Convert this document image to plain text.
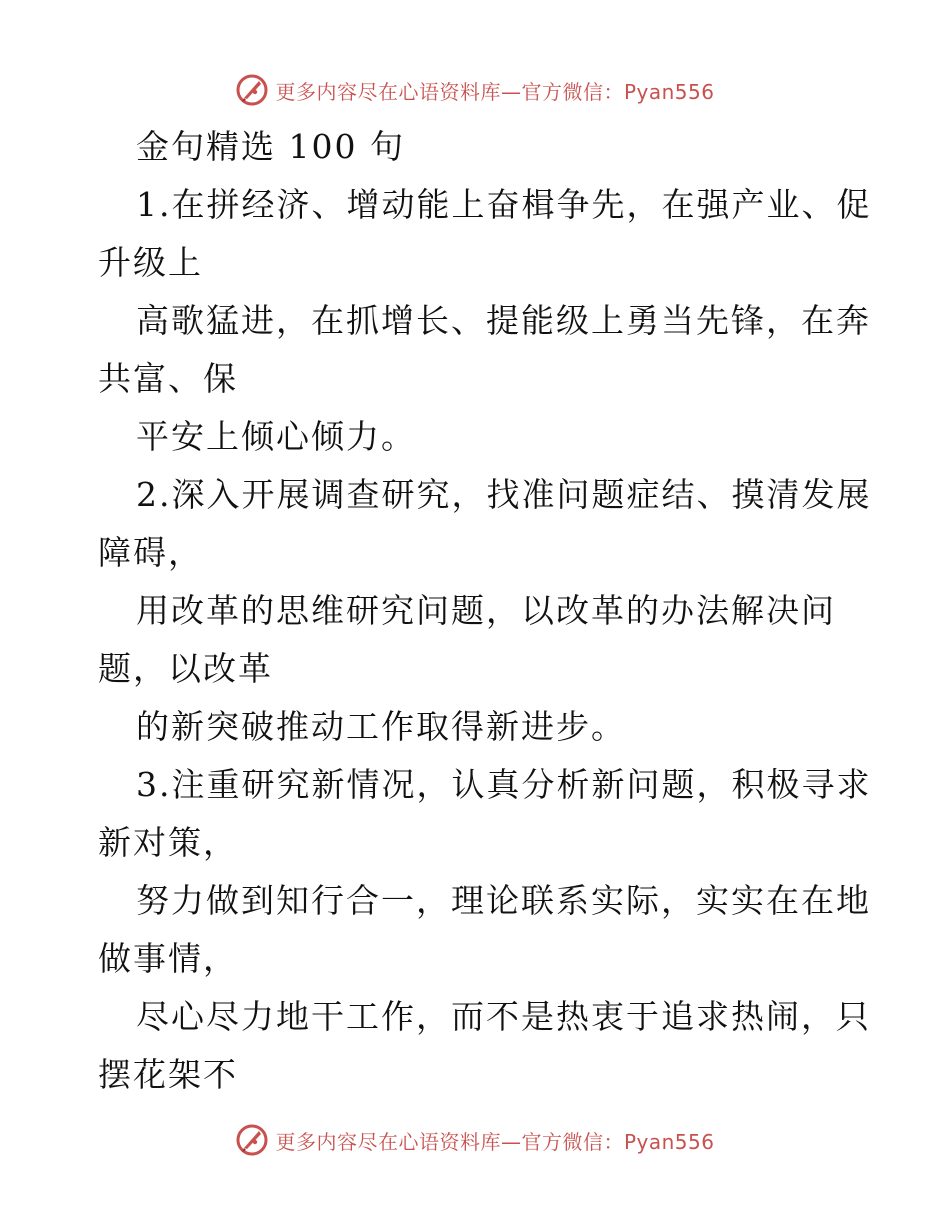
更多内容尽在心语资料库—官方微信：Pyan556
金句精选 100 句
1.在拼经济、增动能上奋楫争先，在强产业、促
升级上
高歌猛进，在抓增长、提能级上勇当先锋，在奔
共富、保
平安上倾心倾力。
2.深入开展调查研究，找准问题症结、摸清发展
障碍，
用改革的思维研究问题，以改革的办法解决问
题，以改革
的新突破推动工作取得新进步。
3.注重研究新情况，认真分析新问题，积极寻求
新对策，
努力做到知行合一，理论联系实际，实实在在地
做事情，
尽心尽力地干工作，而不是热衷于追求热闹，只
摆花架不
更多内容尽在心语资料库—官方微信：Pyan556
